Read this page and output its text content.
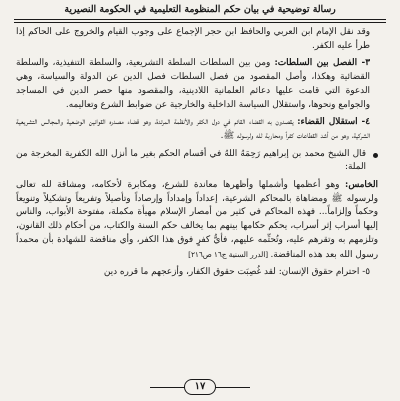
رسالة توضيحية في بيان حكم المنظومة التعليمية في الحكومة النصيرية

وقد نقل الإمام ابن العربي والحافظ ابن حجر الإجماع على وجوب القيام والخروج على الحاكم إذا طرأ عليه الكفر.

٣- الفصل بين السلطات: ومن بين السلطات السلطة التشريعية، والسلطة التنفيذية، والسلطة القضائية وهكذا، وأصل المقصود من فصل السلطات فصل الدين عن الدولة والسياسة، وهي الدعوة التي قامت عليها دعائم العلمانية اللادينية، والمقصود منها حصر الدين في المساجد والجوامع ونحوها، واستقلال السياسة الداخلية والخارجية عن ضوابط الشرع وتعاليمه.

٤- استقلال القضاء: يقصدون به القضاء القائم في دول الكفر والأنظمة المرتدة، وهو قضاء مصدره القوانين الوضعية والمجالس التشريعية الشركية، وهو من أشد القطاعات كفراً ومحاربة لله ولرسوله ﷺ.

قال الشيخ محمد بن إبراهيم رَحِمَهُ اللهُ في أقسام الحكم بغير ما أنزل الله الكفرية المخرجة من الملة:

الخامس: وهو أعظمها وأشملها وأظهرها معاندة للشرع، ومكابرة لأحكامه، ومشاقة لله تعالى ولرسوله ﷺ ومضاهاة بالمحاكم الشرعية، إعداداً وإمداداً وإرصاداً وتأصيلاً وتفريعاً وتشكيلاً وتنويعاً وحكماً وإلزاماً... فهذه المحاكم في كثير من أمصار الإسلام مهيأة مكملة، مفتوحة الأبواب، والناس إليها أسراب إثر أسراب، يحكم حكامها بينهم بما يخالف حكم السنة والكتاب، من أحكام ذلك القانون، وتلزمهم به وتقرهم عليه، وتُحتِّمه عليهم، فأيُّ كفرٍ فوق هذا الكفر، وأي مناقضة للشهادة بأن محمداً رسول الله بعد هذه المناقضة. [الدرر السنية ج١٦ ص٢١٦]

٥- احترام حقوق الإنسان: لقد غُصِبَت حقوق الكفار، وأزعجهم ما قرره دين

١٧
